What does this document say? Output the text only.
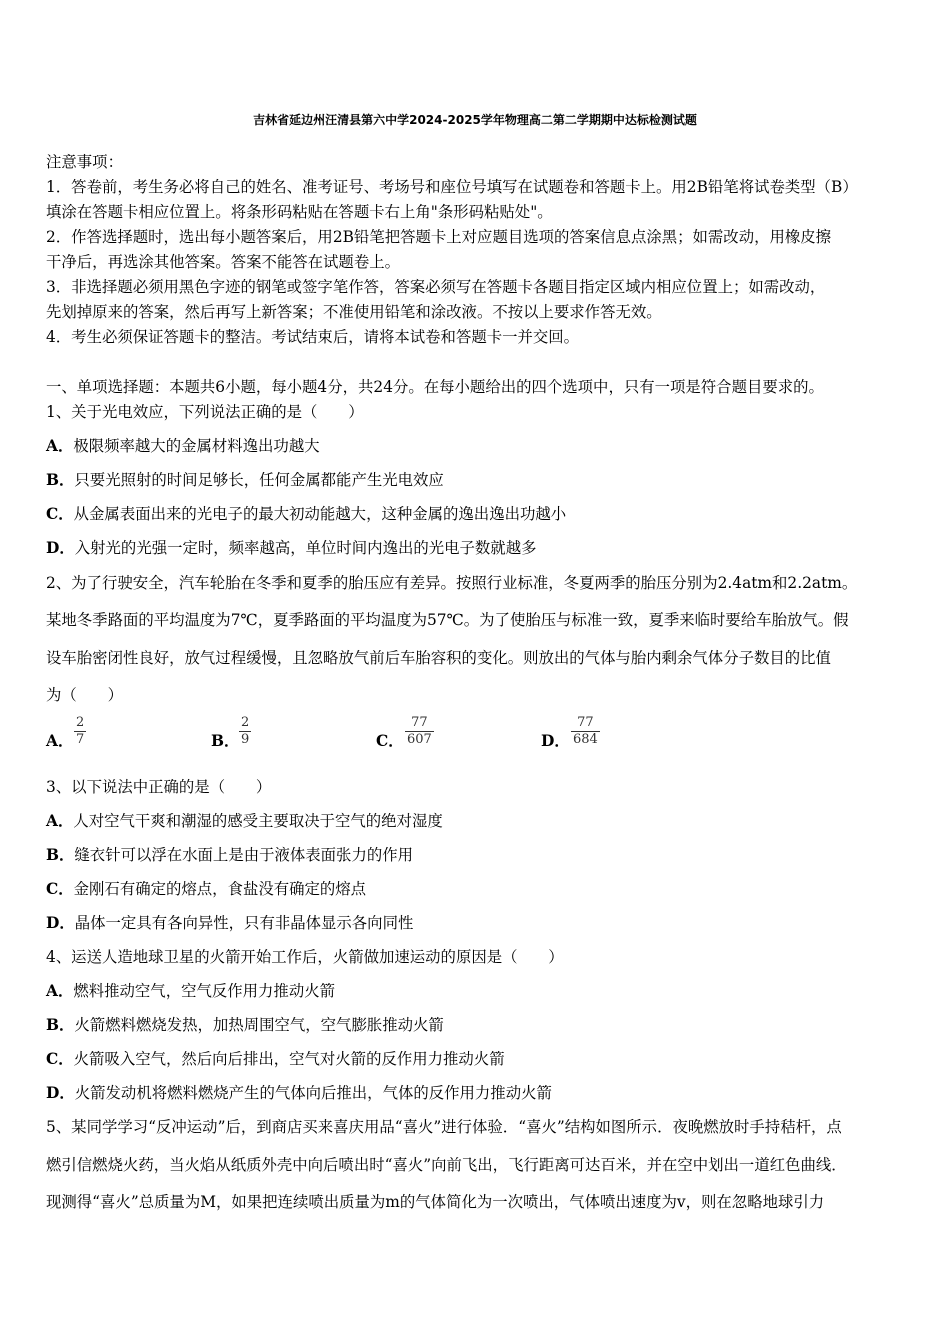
吉林省延边州汪清县第六中学2024-2025学年物理高二第二学期期中达标检测试题
注意事项：
1．答卷前，考生务必将自己的姓名、准考证号、考场号和座位号填写在试题卷和答题卡上。用2B铅笔将试卷类型（B）
填涂在答题卡相应位置上。将条形码粘贴在答题卡右上角"条形码粘贴处"。
2．作答选择题时，选出每小题答案后，用2B铅笔把答题卡上对应题目选项的答案信息点涂黑；如需改动，用橡皮擦
干净后，再选涂其他答案。答案不能答在试题卷上。
3．非选择题必须用黑色字迹的钢笔或签字笔作答，答案必须写在答题卡各题目指定区域内相应位置上；如需改动，
先划掉原来的答案，然后再写上新答案；不准使用铅笔和涂改液。不按以上要求作答无效。
4．考生必须保证答题卡的整洁。考试结束后，请将本试卷和答题卡一并交回。
一、单项选择题：本题共6小题，每小题4分，共24分。在每小题给出的四个选项中，只有一项是符合题目要求的。
1、关于光电效应，下列说法正确的是（　　）
A．极限频率越大的金属材料逸出功越大
B．只要光照射的时间足够长，任何金属都能产生光电效应
C．从金属表面出来的光电子的最大初动能越大，这种金属的逸出逸出功越小
D．入射光的光强一定时，频率越高，单位时间内逸出的光电子数就越多
2、为了行驶安全，汽车轮胎在冬季和夏季的胎压应有差异。按照行业标准，冬夏两季的胎压分别为2.4atm和2.2atm。
某地冬季路面的平均温度为7℃，夏季路面的平均温度为57℃。为了使胎压与标准一致，夏季来临时要给车胎放气。假
设车胎密闭性良好，放气过程缓慢，且忽略放气前后车胎容积的变化。则放出的气体与胎内剩余气体分子数目的比值
为（　　）
A．
2
7	B．
2
9	C．
77
607	D．
77
684
3、以下说法中正确的是（　　）
A．人对空气干爽和潮湿的感受主要取决于空气的绝对湿度
B．缝衣针可以浮在水面上是由于液体表面张力的作用
C．金刚石有确定的熔点，食盐没有确定的熔点
D．晶体一定具有各向异性，只有非晶体显示各向同性
4、运送人造地球卫星的火箭开始工作后，火箭做加速运动的原因是（　　）
A．燃料推动空气，空气反作用力推动火箭
B．火箭燃料燃烧发热，加热周围空气，空气膨胀推动火箭
C．火箭吸入空气，然后向后排出，空气对火箭的反作用力推动火箭
D．火箭发动机将燃料燃烧产生的气体向后推出，气体的反作用力推动火箭
5、某同学学习“反冲运动”后，到商店买来喜庆用品“喜火”进行体验．“喜火”结构如图所示．夜晚燃放时手持秸杆，点
燃引信燃烧火药，当火焰从纸质外壳中向后喷出时“喜火”向前飞出，飞行距离可达百米，并在空中划出一道红色曲线．
现测得“喜火”总质量为M，如果把连续喷出质量为m的气体简化为一次喷出，气体喷出速度为v，则在忽略地球引力
